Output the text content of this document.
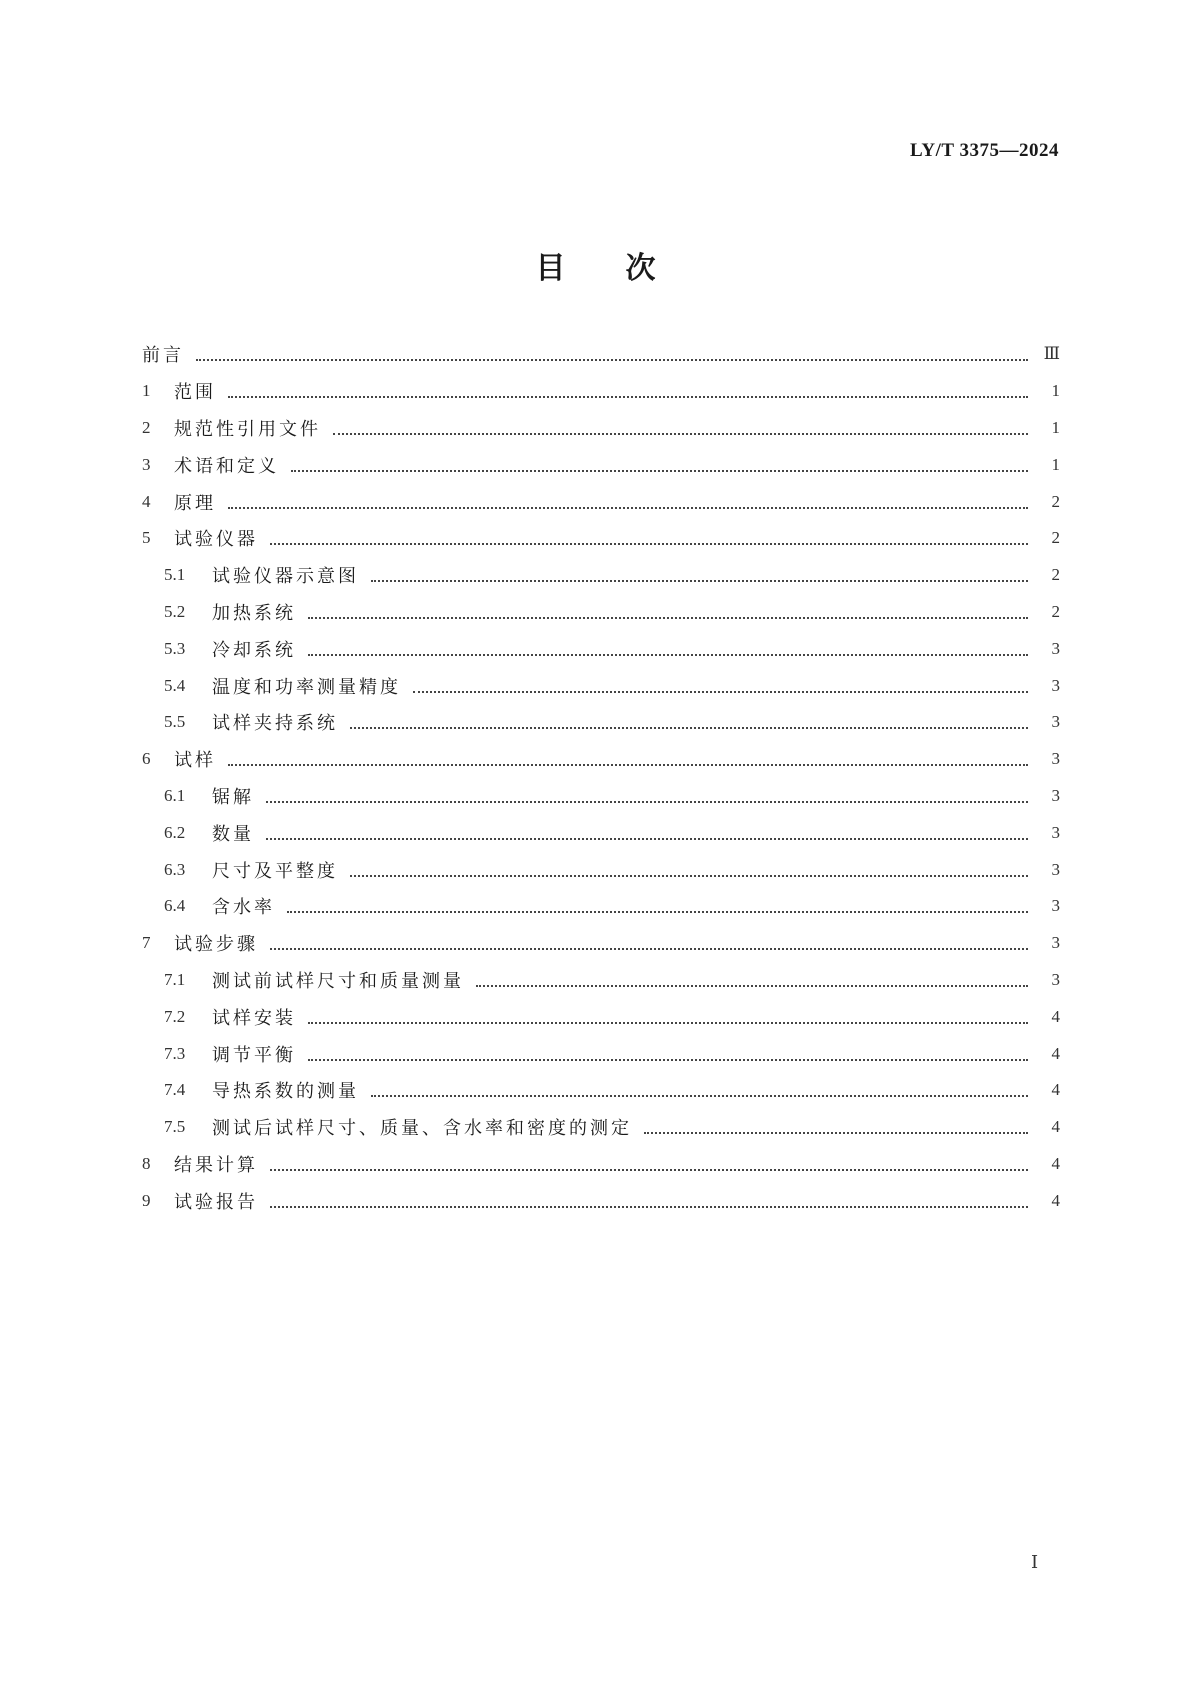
LY/T 3375—2024
目次
前言	Ⅲ
1	范围	1
2	规范性引用文件	1
3	术语和定义	1
4	原理	2
5	试验仪器	2
5.1	试验仪器示意图	2
5.2	加热系统	2
5.3	冷却系统	3
5.4	温度和功率测量精度	3
5.5	试样夹持系统	3
6	试样	3
6.1	锯解	3
6.2	数量	3
6.3	尺寸及平整度	3
6.4	含水率	3
7	试验步骤	3
7.1	测试前试样尺寸和质量测量	3
7.2	试样安装	4
7.3	调节平衡	4
7.4	导热系数的测量	4
7.5	测试后试样尺寸、质量、含水率和密度的测定	4
8	结果计算	4
9	试验报告	4
Ⅰ
